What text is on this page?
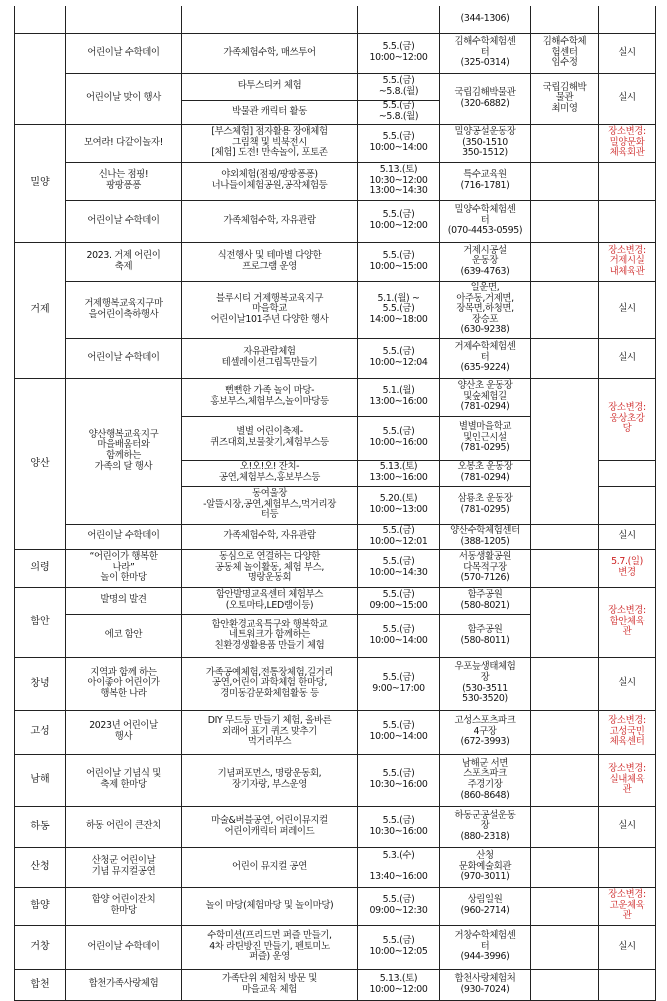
				(344-1306)		

	어린이날 수학데이	가족체험수학, 매쓰투어	5.5.(금)
10:00~12:00	김해수학체험센
터
(325-0314)	김해수학체
험센터
임수정	실시

	어린이날 맞이 행사	타투스티커 체험	5.5.(금)
~5.8.(월)	국립김해박물관
(320-6882)	국립김해박
물관
최미영	실시

		박물관 캐릭터 활동	5.5.(금)
~5.8.(월)			

밀양	모여라! 다같이놀자!	[부스체험] 점자활용 장애체험
그림책 및 빅북전시
[체험] 도전! 만속놀이, 포토존	5.5.(금)
10:00~14:00	밀양공설운동장
(350-1510
350-1512)		장소변경:
밀양문화
체육회관

	신나는 점핑!
팡팡퐁퐁	야외체험(점핑/팡팡퐁퐁)
너나들이체험공원,공작체험등	5.13.(토)
10:30~12:00
13:00~14:30	특수교육원
(716-1781)		

	어린이날 수학데이	가족체험수학, 자유관람	5.5.(금)
10:00~12:00	밀양수학체험센
터
(070-4453-0595)		

거제	2023. 거제 어린이
축제	식전행사 및 테마별 다양한
프로그램 운영	5.5.(금)
10:00~15:00	거제시공설
운동장
(639-4763)		장소변경:
거제시실
내체육관

	거제행복교육지구마
을어린이축하행사	블루시티 거제행복교육지구
마을학교
어린이날101주년 다양한 행사	5.1.(월) ~
5.5.(금)
14:00~18:00	일운면,
아주동,거제면,
장목면,하청면,
장승포
(630-9238)		실시

	어린이날 수학데이	자유관람체험
테셀레이션그립톡만들기	5.5.(금)
10:00~12:04	거제수학체험센
터
(635-9224)		실시

양산	양산행복교육지구
마을배움터와
함께하는
가족의 달 행사	뻔뻔한 가족 놀이 마당-
홍보부스,체험부스,놀이마당등	5.1.(월)
13:00~16:00	양산초 운동장
및숲체험길
(781-0294)		장소변경:
웅상초강
당

		별별 어린이축제-
퀴즈대회,보물찾기,체험부스등	5.5.(금)
10:00~16:00	별별마을학교
및인근시설
(781-0295)		

		오!오!오! 잔치-
공연,체험부스,홍보부스등	5.13.(토)
13:00~16:00	오봉초 운동장
(781-0294)		

		동여울장
-알뜰시장,공연,체험부스,먹거리장
터등	5.20.(토)
10:00~13:00	삼룡초 운동장
(781-0295)		

	어린이날 수학데이	가족체험수학, 자유관람	5.5.(금)
10:00~12:01	양산수학체험센터
(388-1205)		실시

의령	“어린이가 행복한
나라”
놀이 한마당	동심으로 연결하는 다양한
공동체 놀이활동, 체험 부스,
명랑운동회	5.5.(금)
10:00~14:30	서동생활공원
다목적구장
(570-7126)		5.7.(일)
변경

함안	발명의 발견	함안발명교육센터 체험부스
(오토마타,LED램이등)	5.5.(금)
09:00~15:00	함주공원
(580-8021)		장소변경:
함안체육
관

	에코 함안	함안환경교육특구와 행복학교
네트워크가 함께하는
친환경생활용품 만들기 체험	5.5.(금)
10:00~14:00	함주공원
(580-8011)		

창녕	지역과 함께 하는
아이좋아 어린이가
행복한 나라	가족공예체험,전통장체험,길거리
공연,어린이 과학체험 한마당,
경미동감문화체험활동 등	5.5.(금)
9:00~17:00	우포늪생태체험
장
(530-3511
530-3520)		실시

고성	2023년 어린이날
행사	DIY 무드등 만들기 체험, 올바른
외래어 표기 퀴즈 맞추기
먹거리부스	5.5.(금)
10:00~14:00	고성스포츠파크
4구장
(672-3993)		장소변경:
고성국민
체육센터

남해	어린이날 기념식 및
축제 한마당	기념퍼포먼스, 명랑운동회,
장기자랑, 부스운영	5.5.(금)
10:30~16:00	남해군 서면
스포츠파크
주경기장
(860-8648)		장소변경:
실내체육
관

하동	하동 어린이 큰잔치	마술&버블공연, 어린이뮤지컬
어린이캐릭터 퍼레이드	5.5.(금)
10:30~16:00	하동군공설운동
장
(880-2318)		실시

산청	산청군 어린이날
기념 뮤지컬공연	어린이 뮤지컬 공연	5.3.(수)

13:40~16:00	산청
문화예술회관
(970-3011)		

함양	함양 어린이잔치
한마당	놀이 마당(체험마당 및 놀이마당)	5.5.(금)
09:00~12:30	상림일원
(960-2714)		장소변경:
고운체육
관

거창	어린이날 수학데이	수학미션(프리드먼 퍼즐 만들기,
4차 라틴방진 만들기, 펜토미노
퍼즐) 운영	5.5.(금)
10:00~12:05	거창수학체험센
터
(944-3996)		실시

합천	합천가족사랑체험	가족단위 체험처 방문 및
마을교육 체험	5.13.(토)
10:00~12:00	합천사랑체험처
(930-7024)		
